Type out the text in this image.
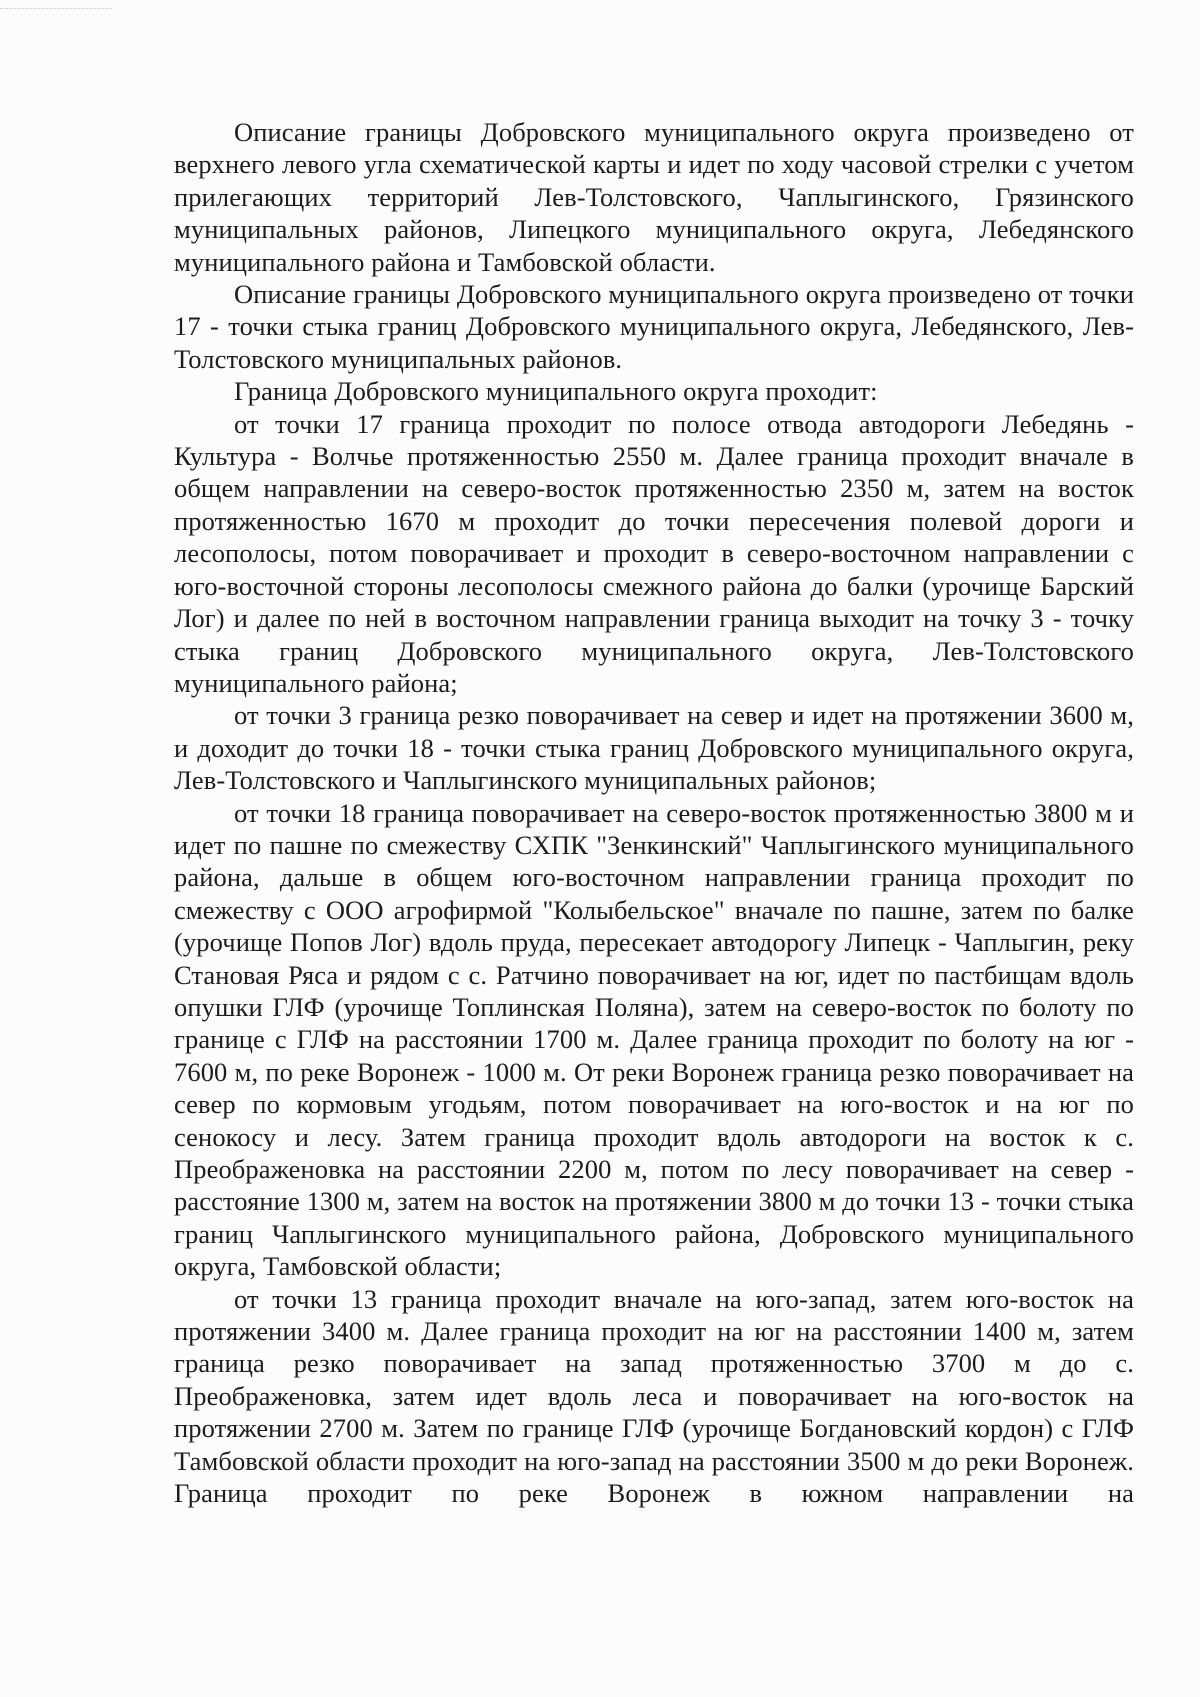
Описание границы Добровского муниципального округа произведено от верхнего левого угла схематической карты и идет по ходу часовой стрелки с учетом прилегающих территорий Лев-Толстовского, Чаплыгинского, Грязинского муниципальных районов, Липецкого муниципального округа, Лебедянского муниципального района и Тамбовской области.

Описание границы Добровского муниципального округа произведено от точки 17 - точки стыка границ Добровского муниципального округа, Лебедянского, Лев-Толстовского муниципальных районов.

Граница Добровского муниципального округа проходит:

от точки 17 граница проходит по полосе отвода автодороги Лебедянь - Культура - Волчье протяженностью 2550 м. Далее граница проходит вначале в общем направлении на северо-восток протяженностью 2350 м, затем на восток протяженностью 1670 м проходит до точки пересечения полевой дороги и лесополосы, потом поворачивает и проходит в северо-восточном направлении с юго-восточной стороны лесополосы смежного района до балки (урочище Барский Лог) и далее по ней в восточном направлении граница выходит на точку 3 - точку стыка границ Добровского муниципального округа, Лев-Толстовского муниципального района;

от точки 3 граница резко поворачивает на север и идет на протяжении 3600 м, и доходит до точки 18 - точки стыка границ Добровского муниципального округа, Лев-Толстовского и Чаплыгинского муниципальных районов;

от точки 18 граница поворачивает на северо-восток протяженностью 3800 м и идет по пашне по смежеству СХПК "Зенкинский" Чаплыгинского муниципального района, дальше в общем юго-восточном направлении граница проходит по смежеству с ООО агрофирмой "Колыбельское" вначале по пашне, затем по балке (урочище Попов Лог) вдоль пруда, пересекает автодорогу Липецк - Чаплыгин, реку Становая Ряса и рядом с с. Ратчино поворачивает на юг, идет по пастбищам вдоль опушки ГЛФ (урочище Топлинская Поляна), затем на северо-восток по болоту по границе с ГЛФ на расстоянии 1700 м. Далее граница проходит по болоту на юг - 7600 м, по реке Воронеж - 1000 м. От реки Воронеж граница резко поворачивает на север по кормовым угодьям, потом поворачивает на юго-восток и на юг по сенокосу и лесу. Затем граница проходит вдоль автодороги на восток к с. Преображеновка на расстоянии 2200 м, потом по лесу поворачивает на север - расстояние 1300 м, затем на восток на протяжении 3800 м до точки 13 - точки стыка границ Чаплыгинского муниципального района, Добровского муниципального округа, Тамбовской области;

от точки 13 граница проходит вначале на юго-запад, затем юго-восток на протяжении 3400 м. Далее граница проходит на юг на расстоянии 1400 м, затем граница резко поворачивает на запад протяженностью 3700 м до с. Преображеновка, затем идет вдоль леса и поворачивает на юго-восток на протяжении 2700 м. Затем по границе ГЛФ (урочище Богдановский кордон) с ГЛФ Тамбовской области проходит на юго-запад на расстоянии 3500 м до реки Воронеж. Граница проходит по реке Воронеж в южном направлении на
